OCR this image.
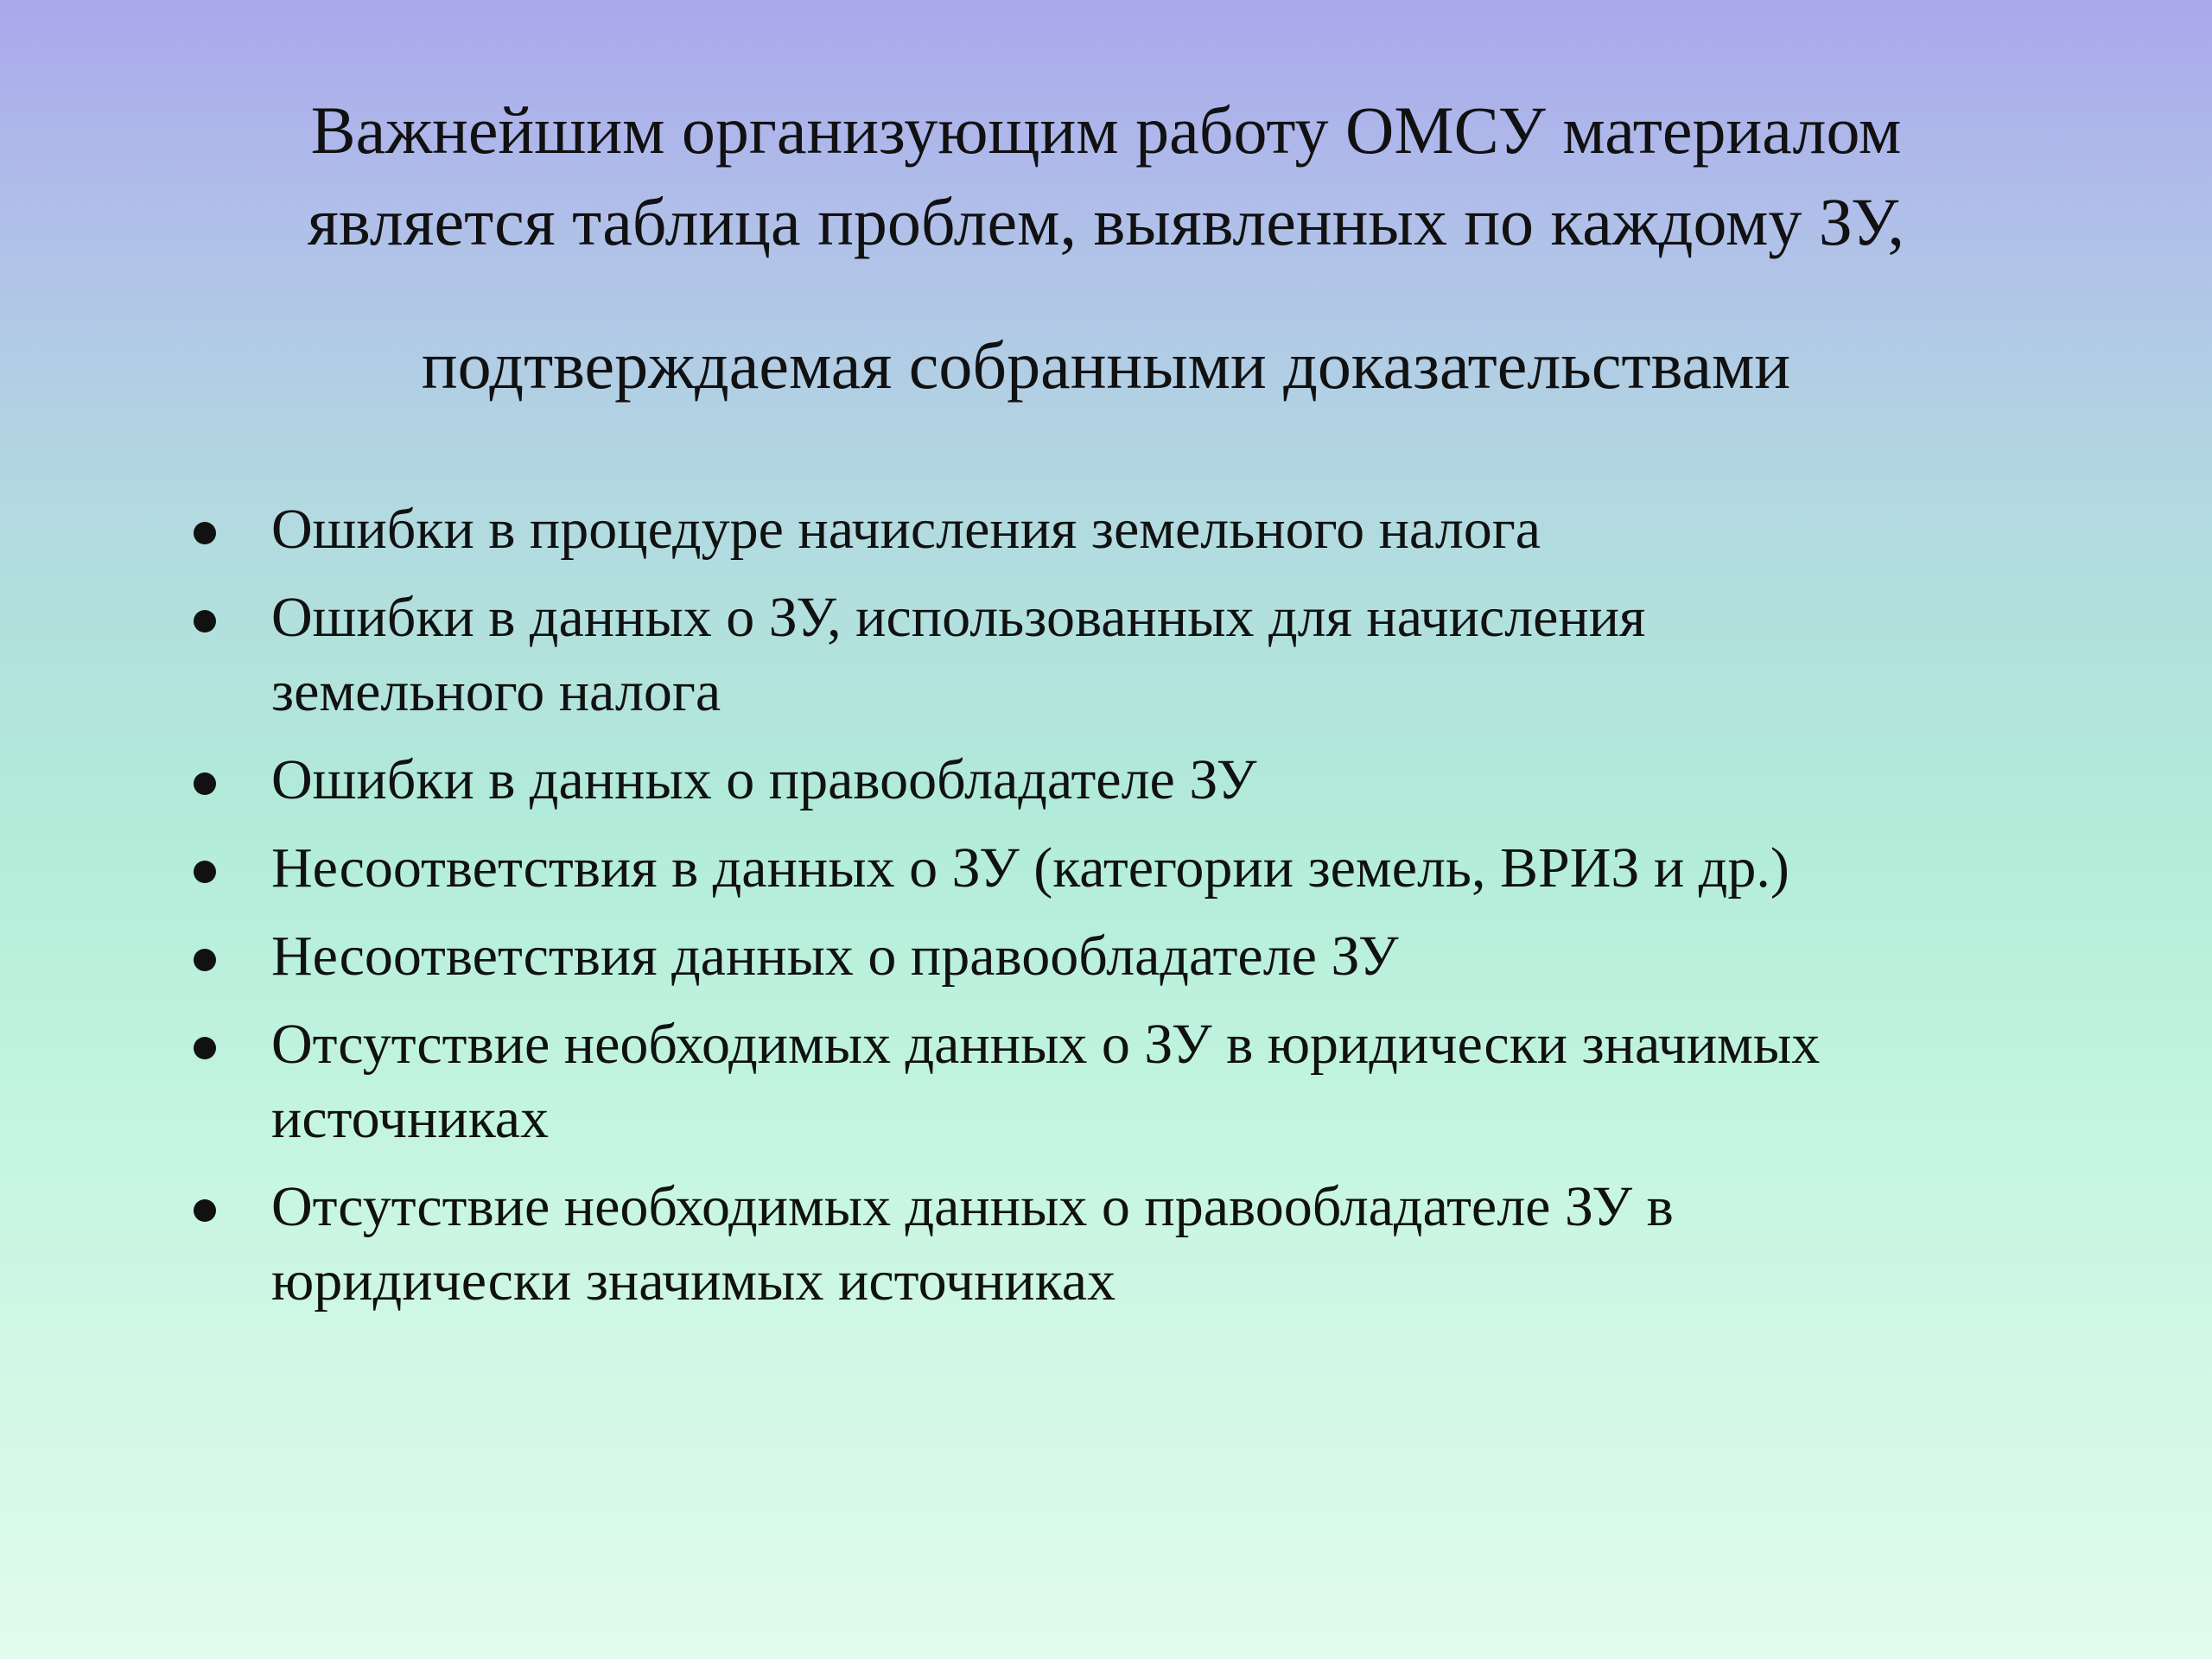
Важнейшим организующим работу ОМСУ материалом
является таблица проблем, выявленных по каждому ЗУ,
подтверждаемая собранными доказательствами
Ошибки в процедуре начисления земельного налога
Ошибки в данных о ЗУ, использованных для начисления
земельного налога
Ошибки в данных о правообладателе ЗУ
Несоответствия в данных о ЗУ (категории земель, ВРИЗ и др.)
Несоответствия данных о правообладателе ЗУ
Отсутствие необходимых данных о ЗУ в юридически значимых
источниках
Отсутствие необходимых данных о правообладателе ЗУ в
юридически значимых источниках
